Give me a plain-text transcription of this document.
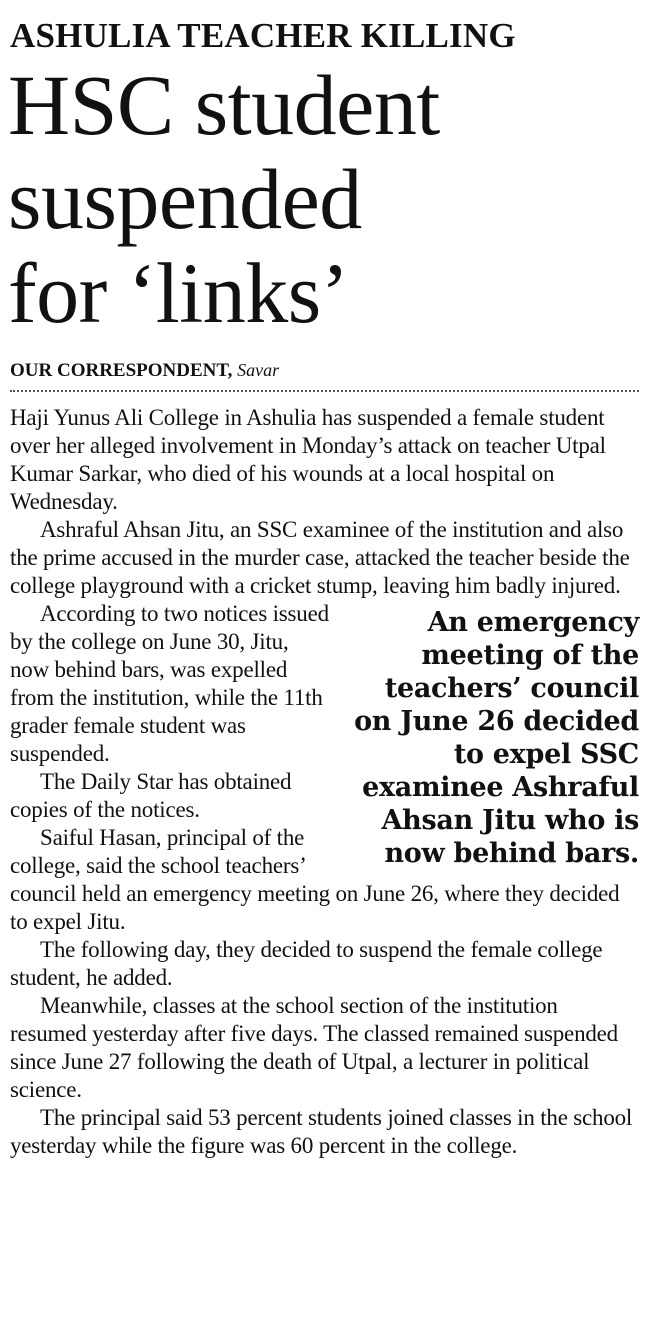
ASHULIA TEACHER KILLING
HSC student
suspended
for ‘links’
OUR CORRESPONDENT, Savar

Haji Yunus Ali College in Ashulia has suspended a female student over her alleged involvement in Monday’s attack on teacher Utpal Kumar Sarkar, who died of his wounds at a local hospital on Wednesday.

Ashraful Ahsan Jitu, an SSC examinee of the institution and also the prime accused in the murder case, attacked the teacher beside the college playground with a cricket stump, leaving him badly injured.

An emergency meeting of the teachers’ council on June 26 decided to expel SSC examinee Ashraful Ahsan Jitu who is now behind bars.

According to two notices issued by the college on June 30, Jitu, now behind bars, was expelled from the institution, while the 11th grader female student was suspended.

The Daily Star has obtained copies of the notices.

Saiful Hasan, principal of the college, said the school teachers’ council held an emergency meeting on June 26, where they decided to expel Jitu.

The following day, they decided to suspend the female college student, he added.

Meanwhile, classes at the school section of the institution resumed yesterday after five days. The classed remained suspended since June 27 following the death of Utpal, a lecturer in political science.

The principal said 53 percent students joined classes in the school yesterday while the figure was 60 percent in the college.
